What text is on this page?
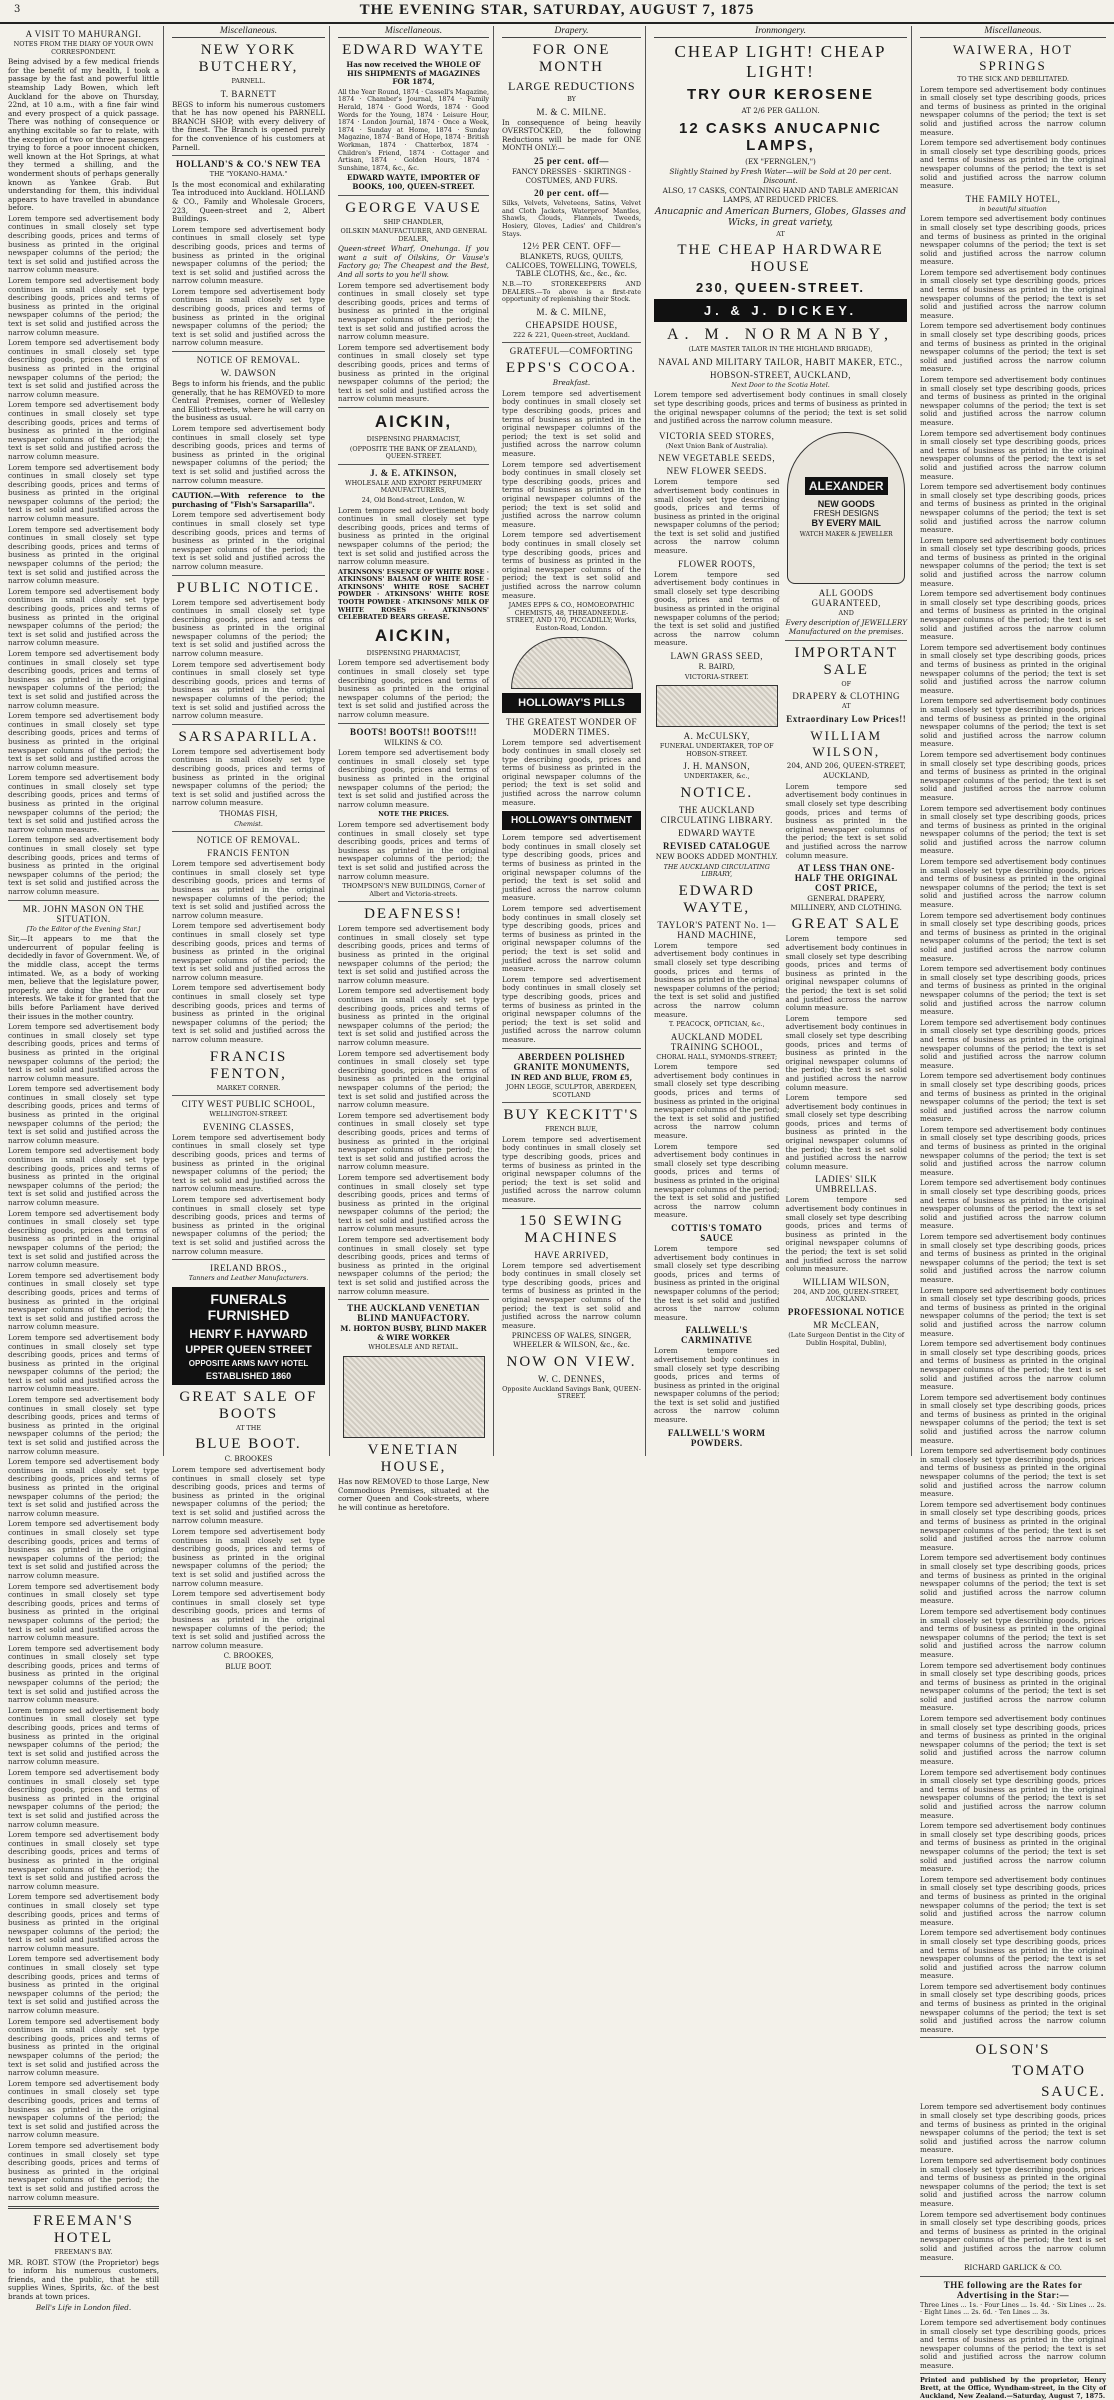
3	THE EVENING STAR, SATURDAY, AUGUST 7, 1875
A VISIT TO MAHURANGI.

NOTES FROM THE DIARY OF YOUR OWN CORRESPONDENT.

Being advised by a few medical friends for the benefit of my health, I took a passage by the fast and powerful little steamship Lady Bowen, which left Auckland for the above on Thursday, 22nd, at 10 a.m., with a fine fair wind and every prospect of a quick passage. There was nothing of consequence or anything excitable so far to relate, with the exception of two or three passengers trying to force a poor innocent chicken, well known at the Hot Springs, at what they termed a shilling, and the wonderment shouts of perhaps generally known as Yankee Grab. But understanding for them, this individual appears to have travelled in abundance before.

Lorem tempore sed advertisement body continues in small closely set type describing goods, prices and terms of business as printed in the original newspaper columns of the period; the text is set solid and justified across the narrow column measure.

Lorem tempore sed advertisement body continues in small closely set type describing goods, prices and terms of business as printed in the original newspaper columns of the period; the text is set solid and justified across the narrow column measure.

Lorem tempore sed advertisement body continues in small closely set type describing goods, prices and terms of business as printed in the original newspaper columns of the period; the text is set solid and justified across the narrow column measure.

Lorem tempore sed advertisement body continues in small closely set type describing goods, prices and terms of business as printed in the original newspaper columns of the period; the text is set solid and justified across the narrow column measure.

Lorem tempore sed advertisement body continues in small closely set type describing goods, prices and terms of business as printed in the original newspaper columns of the period; the text is set solid and justified across the narrow column measure.

Lorem tempore sed advertisement body continues in small closely set type describing goods, prices and terms of business as printed in the original newspaper columns of the period; the text is set solid and justified across the narrow column measure.

Lorem tempore sed advertisement body continues in small closely set type describing goods, prices and terms of business as printed in the original newspaper columns of the period; the text is set solid and justified across the narrow column measure.

Lorem tempore sed advertisement body continues in small closely set type describing goods, prices and terms of business as printed in the original newspaper columns of the period; the text is set solid and justified across the narrow column measure.

Lorem tempore sed advertisement body continues in small closely set type describing goods, prices and terms of business as printed in the original newspaper columns of the period; the text is set solid and justified across the narrow column measure.

Lorem tempore sed advertisement body continues in small closely set type describing goods, prices and terms of business as printed in the original newspaper columns of the period; the text is set solid and justified across the narrow column measure.

Lorem tempore sed advertisement body continues in small closely set type describing goods, prices and terms of business as printed in the original newspaper columns of the period; the text is set solid and justified across the narrow column measure.

MR. JOHN MASON ON THE SITUATION.

[To the Editor of the Evening Star.]

Sir,—It appears to me that the undercurrent of popular feeling is decidedly in favor of Government. We, of the middle class, accept the terms intimated. We, as a body of working men, believe that the legislature power, properly, are doing the best for our interests. We take it for granted that the bills before Parliament have derived their issues in the mother country.

Lorem tempore sed advertisement body continues in small closely set type describing goods, prices and terms of business as printed in the original newspaper columns of the period; the text is set solid and justified across the narrow column measure.

Lorem tempore sed advertisement body continues in small closely set type describing goods, prices and terms of business as printed in the original newspaper columns of the period; the text is set solid and justified across the narrow column measure.

Lorem tempore sed advertisement body continues in small closely set type describing goods, prices and terms of business as printed in the original newspaper columns of the period; the text is set solid and justified across the narrow column measure.

Lorem tempore sed advertisement body continues in small closely set type describing goods, prices and terms of business as printed in the original newspaper columns of the period; the text is set solid and justified across the narrow column measure.

Lorem tempore sed advertisement body continues in small closely set type describing goods, prices and terms of business as printed in the original newspaper columns of the period; the text is set solid and justified across the narrow column measure.

Lorem tempore sed advertisement body continues in small closely set type describing goods, prices and terms of business as printed in the original newspaper columns of the period; the text is set solid and justified across the narrow column measure.

Lorem tempore sed advertisement body continues in small closely set type describing goods, prices and terms of business as printed in the original newspaper columns of the period; the text is set solid and justified across the narrow column measure.

Lorem tempore sed advertisement body continues in small closely set type describing goods, prices and terms of business as printed in the original newspaper columns of the period; the text is set solid and justified across the narrow column measure.

Lorem tempore sed advertisement body continues in small closely set type describing goods, prices and terms of business as printed in the original newspaper columns of the period; the text is set solid and justified across the narrow column measure.

Lorem tempore sed advertisement body continues in small closely set type describing goods, prices and terms of business as printed in the original newspaper columns of the period; the text is set solid and justified across the narrow column measure.

Lorem tempore sed advertisement body continues in small closely set type describing goods, prices and terms of business as printed in the original newspaper columns of the period; the text is set solid and justified across the narrow column measure.

Lorem tempore sed advertisement body continues in small closely set type describing goods, prices and terms of business as printed in the original newspaper columns of the period; the text is set solid and justified across the narrow column measure.

Lorem tempore sed advertisement body continues in small closely set type describing goods, prices and terms of business as printed in the original newspaper columns of the period; the text is set solid and justified across the narrow column measure.

Lorem tempore sed advertisement body continues in small closely set type describing goods, prices and terms of business as printed in the original newspaper columns of the period; the text is set solid and justified across the narrow column measure.

Lorem tempore sed advertisement body continues in small closely set type describing goods, prices and terms of business as printed in the original newspaper columns of the period; the text is set solid and justified across the narrow column measure.

Lorem tempore sed advertisement body continues in small closely set type describing goods, prices and terms of business as printed in the original newspaper columns of the period; the text is set solid and justified across the narrow column measure.

Lorem tempore sed advertisement body continues in small closely set type describing goods, prices and terms of business as printed in the original newspaper columns of the period; the text is set solid and justified across the narrow column measure.

Lorem tempore sed advertisement body continues in small closely set type describing goods, prices and terms of business as printed in the original newspaper columns of the period; the text is set solid and justified across the narrow column measure.

Lorem tempore sed advertisement body continues in small closely set type describing goods, prices and terms of business as printed in the original newspaper columns of the period; the text is set solid and justified across the narrow column measure.

FREEMAN'S HOTEL

FREEMAN'S BAY.

MR. ROBT. STOW (the Proprietor) begs to inform his numerous customers, friends, and the public, that he still supplies Wines, Spirits, &c. of the best brands at town prices.

Bell's Life in London filed.

Miscellaneous.
NEW YORK BUTCHERY,

PARNELL.

T. BARNETT

BEGS to inform his numerous customers that he has now opened his PARNELL BRANCH SHOP, with every delivery of the finest. The Branch is opened purely for the convenience of his customers at Parnell.

HOLLAND'S & CO.'S NEW TEA

THE "YOKANO-HAMA."

Is the most economical and exhilarating Tea introduced into Auckland. HOLLAND & CO., Family and Wholesale Grocers, 223, Queen-street and 2, Albert Buildings.

Lorem tempore sed advertisement body continues in small closely set type describing goods, prices and terms of business as printed in the original newspaper columns of the period; the text is set solid and justified across the narrow column measure.

Lorem tempore sed advertisement body continues in small closely set type describing goods, prices and terms of business as printed in the original newspaper columns of the period; the text is set solid and justified across the narrow column measure.

NOTICE OF REMOVAL.
W. DAWSON

Begs to inform his friends, and the public generally, that he has REMOVED to more Central Premises, corner of Wellesley and Elliott-streets, where he will carry on the business as usual.

Lorem tempore sed advertisement body continues in small closely set type describing goods, prices and terms of business as printed in the original newspaper columns of the period; the text is set solid and justified across the narrow column measure.

CAUTION.—With reference to the purchasing of "Fish's Sarsaparilla".

Lorem tempore sed advertisement body continues in small closely set type describing goods, prices and terms of business as printed in the original newspaper columns of the period; the text is set solid and justified across the narrow column measure.

PUBLIC NOTICE.

Lorem tempore sed advertisement body continues in small closely set type describing goods, prices and terms of business as printed in the original newspaper columns of the period; the text is set solid and justified across the narrow column measure.

Lorem tempore sed advertisement body continues in small closely set type describing goods, prices and terms of business as printed in the original newspaper columns of the period; the text is set solid and justified across the narrow column measure.

SARSAPARILLA.

Lorem tempore sed advertisement body continues in small closely set type describing goods, prices and terms of business as printed in the original newspaper columns of the period; the text is set solid and justified across the narrow column measure.

THOMAS FISH,

Chemist.

NOTICE OF REMOVAL.
FRANCIS FENTON

Lorem tempore sed advertisement body continues in small closely set type describing goods, prices and terms of business as printed in the original newspaper columns of the period; the text is set solid and justified across the narrow column measure.

Lorem tempore sed advertisement body continues in small closely set type describing goods, prices and terms of business as printed in the original newspaper columns of the period; the text is set solid and justified across the narrow column measure.

Lorem tempore sed advertisement body continues in small closely set type describing goods, prices and terms of business as printed in the original newspaper columns of the period; the text is set solid and justified across the narrow column measure.

FRANCIS FENTON,

MARKET CORNER.

CITY WEST PUBLIC SCHOOL,

WELLINGTON-STREET.

EVENING CLASSES,

Lorem tempore sed advertisement body continues in small closely set type describing goods, prices and terms of business as printed in the original newspaper columns of the period; the text is set solid and justified across the narrow column measure.

Lorem tempore sed advertisement body continues in small closely set type describing goods, prices and terms of business as printed in the original newspaper columns of the period; the text is set solid and justified across the narrow column measure.

IRELAND BROS.,

Tanners and Leather Manufacturers.

FUNERALS FURNISHED
HENRY F. HAYWARD
UPPER QUEEN STREET
OPPOSITE ARMS NAVY HOTEL
ESTABLISHED 1860
GREAT SALE OF BOOTS

AT THE

BLUE BOOT.

C. BROOKES

Lorem tempore sed advertisement body continues in small closely set type describing goods, prices and terms of business as printed in the original newspaper columns of the period; the text is set solid and justified across the narrow column measure.

Lorem tempore sed advertisement body continues in small closely set type describing goods, prices and terms of business as printed in the original newspaper columns of the period; the text is set solid and justified across the narrow column measure.

Lorem tempore sed advertisement body continues in small closely set type describing goods, prices and terms of business as printed in the original newspaper columns of the period; the text is set solid and justified across the narrow column measure.

C. BROOKES,

BLUE BOOT.

Miscellaneous.
EDWARD WAYTE

Has now received the WHOLE OF HIS SHIPMENTS of MAGAZINES FOR 1874,

All the Year Round, 1874 · Cassell's Magazine, 1874 · Chamber's Journal, 1874 · Family Herald, 1874 · Good Words, 1874 · Good Words for the Young, 1874 · Leisure Hour, 1874 · London Journal, 1874 · Once a Week, 1874 · Sunday at Home, 1874 · Sunday Magazine, 1874 · Band of Hope, 1874 · British Workman, 1874 · Chatterbox, 1874 · Children's Friend, 1874 · Cottager and Artisan, 1874 · Golden Hours, 1874 · Sunshine, 1874, &c., &c.

EDWARD WAYTE, IMPORTER OF BOOKS, 100, QUEEN-STREET.

GEORGE VAUSE

SHIP CHANDLER,

OILSKIN MANUFACTURER, AND GENERAL DEALER,

Queen-street Wharf, Onehunga. If you want a suit of Oilskins, Or Vause's Factory go; The Cheapest and the Best, And all sorts to you he'll show.

Lorem tempore sed advertisement body continues in small closely set type describing goods, prices and terms of business as printed in the original newspaper columns of the period; the text is set solid and justified across the narrow column measure.

Lorem tempore sed advertisement body continues in small closely set type describing goods, prices and terms of business as printed in the original newspaper columns of the period; the text is set solid and justified across the narrow column measure.

AICKIN,

DISPENSING PHARMACIST,

(OPPOSITE THE BANK OF ZEALAND), QUEEN-STREET.

J. & E. ATKINSON,

WHOLESALE AND EXPORT PERFUMERY MANUFACTURERS,

24, Old Bond-street, London, W.

Lorem tempore sed advertisement body continues in small closely set type describing goods, prices and terms of business as printed in the original newspaper columns of the period; the text is set solid and justified across the narrow column measure.

ATKINSONS' ESSENCE OF WHITE ROSE · ATKINSONS' BALSAM OF WHITE ROSE · ATKINSONS' WHITE ROSE SACHET POWDER · ATKINSONS' WHITE ROSE TOOTH POWDER · ATKINSONS' MILK OF WHITE ROSES · ATKINSONS' CELEBRATED BEARS GREASE.

AICKIN,

DISPENSING PHARMACIST,

Lorem tempore sed advertisement body continues in small closely set type describing goods, prices and terms of business as printed in the original newspaper columns of the period; the text is set solid and justified across the narrow column measure.

BOOTS! BOOTS!! BOOTS!!!

WILKINS & CO.

Lorem tempore sed advertisement body continues in small closely set type describing goods, prices and terms of business as printed in the original newspaper columns of the period; the text is set solid and justified across the narrow column measure.

NOTE THE PRICES.

Lorem tempore sed advertisement body continues in small closely set type describing goods, prices and terms of business as printed in the original newspaper columns of the period; the text is set solid and justified across the narrow column measure.

THOMPSON'S NEW BUILDINGS, Corner of Albert and Victoria-streets.

DEAFNESS!

Lorem tempore sed advertisement body continues in small closely set type describing goods, prices and terms of business as printed in the original newspaper columns of the period; the text is set solid and justified across the narrow column measure.

Lorem tempore sed advertisement body continues in small closely set type describing goods, prices and terms of business as printed in the original newspaper columns of the period; the text is set solid and justified across the narrow column measure.

Lorem tempore sed advertisement body continues in small closely set type describing goods, prices and terms of business as printed in the original newspaper columns of the period; the text is set solid and justified across the narrow column measure.

Lorem tempore sed advertisement body continues in small closely set type describing goods, prices and terms of business as printed in the original newspaper columns of the period; the text is set solid and justified across the narrow column measure.

Lorem tempore sed advertisement body continues in small closely set type describing goods, prices and terms of business as printed in the original newspaper columns of the period; the text is set solid and justified across the narrow column measure.

Lorem tempore sed advertisement body continues in small closely set type describing goods, prices and terms of business as printed in the original newspaper columns of the period; the text is set solid and justified across the narrow column measure.

THE AUCKLAND VENETIAN BLIND MANUFACTORY.

M. HORTON BUSBY, BLIND MAKER & WIRE WORKER

WHOLESALE AND RETAIL.

VENETIAN HOUSE,

Has now REMOVED to those Large, New Commodious Premises, situated at the corner Queen and Cook-streets, where he will continue as heretofore.

Drapery.
FOR ONE MONTH
LARGE REDUCTIONS

BY

M. & C. MILNE.

In consequence of being heavily OVERSTOCKED, the following Reductions will be made for ONE MONTH ONLY:—

25 per cent. off—

FANCY DRESSES · SKIRTINGS · COSTUMES, AND FURS.

20 per cent. off—

Silks, Velvets, Velveteens, Satins, Velvet and Cloth Jackets, Waterproof Mantles, Shawls, Clouds, Flannels, Tweeds, Hosiery, Gloves, Ladies' and Children's Stays.

12½ PER CENT. OFF—

BLANKETS, RUGS, QUILTS, CALICOES, TOWELLING, TOWELS, TABLE CLOTHS, &c., &c., &c.

N.B.—TO STOREKEEPERS AND DEALERS.—To above is a first-rate opportunity of replenishing their Stock.

M. & C. MILNE,
CHEAPSIDE HOUSE,

222 & 221, Queen-street, Auckland.

GRATEFUL—COMFORTING
EPPS'S COCOA.

Breakfast.

Lorem tempore sed advertisement body continues in small closely set type describing goods, prices and terms of business as printed in the original newspaper columns of the period; the text is set solid and justified across the narrow column measure.

Lorem tempore sed advertisement body continues in small closely set type describing goods, prices and terms of business as printed in the original newspaper columns of the period; the text is set solid and justified across the narrow column measure.

Lorem tempore sed advertisement body continues in small closely set type describing goods, prices and terms of business as printed in the original newspaper columns of the period; the text is set solid and justified across the narrow column measure.

JAMES EPPS & CO., HOMOEOPATHIC CHEMISTS, 48, THREADNEEDLE-STREET, AND 170, PICCADILLY; Works, Euston-Road, London.

HOLLOWAY'S PILLS
THE GREATEST WONDER OF MODERN TIMES.

Lorem tempore sed advertisement body continues in small closely set type describing goods, prices and terms of business as printed in the original newspaper columns of the period; the text is set solid and justified across the narrow column measure.

HOLLOWAY'S OINTMENT

Lorem tempore sed advertisement body continues in small closely set type describing goods, prices and terms of business as printed in the original newspaper columns of the period; the text is set solid and justified across the narrow column measure.

Lorem tempore sed advertisement body continues in small closely set type describing goods, prices and terms of business as printed in the original newspaper columns of the period; the text is set solid and justified across the narrow column measure.

Lorem tempore sed advertisement body continues in small closely set type describing goods, prices and terms of business as printed in the original newspaper columns of the period; the text is set solid and justified across the narrow column measure.

ABERDEEN POLISHED GRANITE MONUMENTS,

IN RED AND BLUE, FROM £5,

JOHN LEGGE, SCULPTOR, ABERDEEN, SCOTLAND

BUY KECKITT'S

FRENCH BLUE,

Lorem tempore sed advertisement body continues in small closely set type describing goods, prices and terms of business as printed in the original newspaper columns of the period; the text is set solid and justified across the narrow column measure.

150 SEWING MACHINES
HAVE ARRIVED,

Lorem tempore sed advertisement body continues in small closely set type describing goods, prices and terms of business as printed in the original newspaper columns of the period; the text is set solid and justified across the narrow column measure.

PRINCESS OF WALES, SINGER, WHEELER & WILSON, &c., &c.

NOW ON VIEW.
W. C. DENNES,

Opposite Auckland Savings Bank, QUEEN-STREET.

Ironmongery.
CHEAP LIGHT! CHEAP LIGHT!
TRY OUR KEROSENE

AT 2/6 PER GALLON.

12 CASKS ANUCAPNIC LAMPS,

(EX "FERNGLEN,")

Slightly Stained by Fresh Water—will be Sold at 20 per cent. Discount.

ALSO, 17 CASKS, CONTAINING HAND AND TABLE AMERICAN LAMPS, AT REDUCED PRICES.

Anucapnic and American Burners, Globes, Glasses and Wicks, in great variety,

AT

THE CHEAP HARDWARE HOUSE
230, QUEEN-STREET.
J. & J. DICKEY.
A. M. NORMANBY,

(LATE MASTER TAILOR IN THE HIGHLAND BRIGADE),

NAVAL AND MILITARY TAILOR, HABIT MAKER, ETC.,
HOBSON-STREET, AUCKLAND,

Next Door to the Scotia Hotel.

Lorem tempore sed advertisement body continues in small closely set type describing goods, prices and terms of business as printed in the original newspaper columns of the period; the text is set solid and justified across the narrow column measure.

VICTORIA SEED STORES,

(Next Union Bank of Australia).

NEW VEGETABLE SEEDS,
NEW FLOWER SEEDS.

Lorem tempore sed advertisement body continues in small closely set type describing goods, prices and terms of business as printed in the original newspaper columns of the period; the text is set solid and justified across the narrow column measure.

FLOWER ROOTS,

Lorem tempore sed advertisement body continues in small closely set type describing goods, prices and terms of business as printed in the original newspaper columns of the period; the text is set solid and justified across the narrow column measure.

LAWN GRASS SEED,

R. BAIRD,

VICTORIA-STREET.

A. McCULSKY,

FUNERAL UNDERTAKER, TOP OF HOBSON-STREET.

J. H. MANSON,

UNDERTAKER, &c.,

NOTICE.
THE AUCKLAND CIRCULATING LIBRARY.
EDWARD WAYTE
REVISED CATALOGUE

NEW BOOKS ADDED MONTHLY.

THE AUCKLAND CIRCULATING LIBRARY,

EDWARD WAYTE,
TAYLOR'S PATENT No. 1—HAND MACHINE,

Lorem tempore sed advertisement body continues in small closely set type describing goods, prices and terms of business as printed in the original newspaper columns of the period; the text is set solid and justified across the narrow column measure.

T. PEACOCK, OPTICIAN, &c.,

AUCKLAND MODEL TRAINING SCHOOL,

CHORAL HALL, SYMONDS-STREET;

Lorem tempore sed advertisement body continues in small closely set type describing goods, prices and terms of business as printed in the original newspaper columns of the period; the text is set solid and justified across the narrow column measure.

Lorem tempore sed advertisement body continues in small closely set type describing goods, prices and terms of business as printed in the original newspaper columns of the period; the text is set solid and justified across the narrow column measure.

COTTIS'S TOMATO SAUCE

Lorem tempore sed advertisement body continues in small closely set type describing goods, prices and terms of business as printed in the original newspaper columns of the period; the text is set solid and justified across the narrow column measure.

FALLWELL'S CARMINATIVE

Lorem tempore sed advertisement body continues in small closely set type describing goods, prices and terms of business as printed in the original newspaper columns of the period; the text is set solid and justified across the narrow column measure.

FALLWELL'S WORM POWDERS.
ALEXANDER
NEW GOODS
FRESH DESIGNS
BY EVERY MAIL
WATCH MAKER & JEWELLER
ALL GOODS GUARANTEED,

AND

Every description of JEWELLERY Manufactured on the premises.

IMPORTANT SALE

OF

DRAPERY & CLOTHING

AT

Extraordinary Low Prices!!
WILLIAM WILSON,

204, AND 206, QUEEN-STREET,

AUCKLAND,

Lorem tempore sed advertisement body continues in small closely set type describing goods, prices and terms of business as printed in the original newspaper columns of the period; the text is set solid and justified across the narrow column measure.

AT LESS THAN ONE-HALF THE ORIGINAL COST PRICE,

GENERAL DRAPERY, MILLINERY, AND CLOTHING.

GREAT SALE

Lorem tempore sed advertisement body continues in small closely set type describing goods, prices and terms of business as printed in the original newspaper columns of the period; the text is set solid and justified across the narrow column measure.

Lorem tempore sed advertisement body continues in small closely set type describing goods, prices and terms of business as printed in the original newspaper columns of the period; the text is set solid and justified across the narrow column measure.

Lorem tempore sed advertisement body continues in small closely set type describing goods, prices and terms of business as printed in the original newspaper columns of the period; the text is set solid and justified across the narrow column measure.

LADIES' SILK UMBRELLAS.

Lorem tempore sed advertisement body continues in small closely set type describing goods, prices and terms of business as printed in the original newspaper columns of the period; the text is set solid and justified across the narrow column measure.

WILLIAM WILSON,

204, AND 206, QUEEN-STREET, AUCKLAND.

PROFESSIONAL NOTICE
MR McCLEAN,

(Late Surgeon Dentist in the City of Dublin Hospital, Dublin),

Miscellaneous.
WAIWERA, HOT SPRINGS

TO THE SICK AND DEBILITATED.

Lorem tempore sed advertisement body continues in small closely set type describing goods, prices and terms of business as printed in the original newspaper columns of the period; the text is set solid and justified across the narrow column measure.

Lorem tempore sed advertisement body continues in small closely set type describing goods, prices and terms of business as printed in the original newspaper columns of the period; the text is set solid and justified across the narrow column measure.

THE FAMILY HOTEL,

in beautiful situation

Lorem tempore sed advertisement body continues in small closely set type describing goods, prices and terms of business as printed in the original newspaper columns of the period; the text is set solid and justified across the narrow column measure.

Lorem tempore sed advertisement body continues in small closely set type describing goods, prices and terms of business as printed in the original newspaper columns of the period; the text is set solid and justified across the narrow column measure.

Lorem tempore sed advertisement body continues in small closely set type describing goods, prices and terms of business as printed in the original newspaper columns of the period; the text is set solid and justified across the narrow column measure.

Lorem tempore sed advertisement body continues in small closely set type describing goods, prices and terms of business as printed in the original newspaper columns of the period; the text is set solid and justified across the narrow column measure.

Lorem tempore sed advertisement body continues in small closely set type describing goods, prices and terms of business as printed in the original newspaper columns of the period; the text is set solid and justified across the narrow column measure.

Lorem tempore sed advertisement body continues in small closely set type describing goods, prices and terms of business as printed in the original newspaper columns of the period; the text is set solid and justified across the narrow column measure.

Lorem tempore sed advertisement body continues in small closely set type describing goods, prices and terms of business as printed in the original newspaper columns of the period; the text is set solid and justified across the narrow column measure.

Lorem tempore sed advertisement body continues in small closely set type describing goods, prices and terms of business as printed in the original newspaper columns of the period; the text is set solid and justified across the narrow column measure.

Lorem tempore sed advertisement body continues in small closely set type describing goods, prices and terms of business as printed in the original newspaper columns of the period; the text is set solid and justified across the narrow column measure.

Lorem tempore sed advertisement body continues in small closely set type describing goods, prices and terms of business as printed in the original newspaper columns of the period; the text is set solid and justified across the narrow column measure.

Lorem tempore sed advertisement body continues in small closely set type describing goods, prices and terms of business as printed in the original newspaper columns of the period; the text is set solid and justified across the narrow column measure.

Lorem tempore sed advertisement body continues in small closely set type describing goods, prices and terms of business as printed in the original newspaper columns of the period; the text is set solid and justified across the narrow column measure.

Lorem tempore sed advertisement body continues in small closely set type describing goods, prices and terms of business as printed in the original newspaper columns of the period; the text is set solid and justified across the narrow column measure.

Lorem tempore sed advertisement body continues in small closely set type describing goods, prices and terms of business as printed in the original newspaper columns of the period; the text is set solid and justified across the narrow column measure.

Lorem tempore sed advertisement body continues in small closely set type describing goods, prices and terms of business as printed in the original newspaper columns of the period; the text is set solid and justified across the narrow column measure.

Lorem tempore sed advertisement body continues in small closely set type describing goods, prices and terms of business as printed in the original newspaper columns of the period; the text is set solid and justified across the narrow column measure.

Lorem tempore sed advertisement body continues in small closely set type describing goods, prices and terms of business as printed in the original newspaper columns of the period; the text is set solid and justified across the narrow column measure.

Lorem tempore sed advertisement body continues in small closely set type describing goods, prices and terms of business as printed in the original newspaper columns of the period; the text is set solid and justified across the narrow column measure.

Lorem tempore sed advertisement body continues in small closely set type describing goods, prices and terms of business as printed in the original newspaper columns of the period; the text is set solid and justified across the narrow column measure.

Lorem tempore sed advertisement body continues in small closely set type describing goods, prices and terms of business as printed in the original newspaper columns of the period; the text is set solid and justified across the narrow column measure.

Lorem tempore sed advertisement body continues in small closely set type describing goods, prices and terms of business as printed in the original newspaper columns of the period; the text is set solid and justified across the narrow column measure.

Lorem tempore sed advertisement body continues in small closely set type describing goods, prices and terms of business as printed in the original newspaper columns of the period; the text is set solid and justified across the narrow column measure.

Lorem tempore sed advertisement body continues in small closely set type describing goods, prices and terms of business as printed in the original newspaper columns of the period; the text is set solid and justified across the narrow column measure.

Lorem tempore sed advertisement body continues in small closely set type describing goods, prices and terms of business as printed in the original newspaper columns of the period; the text is set solid and justified across the narrow column measure.

Lorem tempore sed advertisement body continues in small closely set type describing goods, prices and terms of business as printed in the original newspaper columns of the period; the text is set solid and justified across the narrow column measure.

Lorem tempore sed advertisement body continues in small closely set type describing goods, prices and terms of business as printed in the original newspaper columns of the period; the text is set solid and justified across the narrow column measure.

Lorem tempore sed advertisement body continues in small closely set type describing goods, prices and terms of business as printed in the original newspaper columns of the period; the text is set solid and justified across the narrow column measure.

Lorem tempore sed advertisement body continues in small closely set type describing goods, prices and terms of business as printed in the original newspaper columns of the period; the text is set solid and justified across the narrow column measure.

Lorem tempore sed advertisement body continues in small closely set type describing goods, prices and terms of business as printed in the original newspaper columns of the period; the text is set solid and justified across the narrow column measure.

Lorem tempore sed advertisement body continues in small closely set type describing goods, prices and terms of business as printed in the original newspaper columns of the period; the text is set solid and justified across the narrow column measure.

Lorem tempore sed advertisement body continues in small closely set type describing goods, prices and terms of business as printed in the original newspaper columns of the period; the text is set solid and justified across the narrow column measure.

Lorem tempore sed advertisement body continues in small closely set type describing goods, prices and terms of business as printed in the original newspaper columns of the period; the text is set solid and justified across the narrow column measure.

Lorem tempore sed advertisement body continues in small closely set type describing goods, prices and terms of business as printed in the original newspaper columns of the period; the text is set solid and justified across the narrow column measure.

Lorem tempore sed advertisement body continues in small closely set type describing goods, prices and terms of business as printed in the original newspaper columns of the period; the text is set solid and justified across the narrow column measure.

OLSON'S
TOMATO
SAUCE.

Lorem tempore sed advertisement body continues in small closely set type describing goods, prices and terms of business as printed in the original newspaper columns of the period; the text is set solid and justified across the narrow column measure.

Lorem tempore sed advertisement body continues in small closely set type describing goods, prices and terms of business as printed in the original newspaper columns of the period; the text is set solid and justified across the narrow column measure.

Lorem tempore sed advertisement body continues in small closely set type describing goods, prices and terms of business as printed in the original newspaper columns of the period; the text is set solid and justified across the narrow column measure.

RICHARD GARLICK & CO.

THE following are the Rates for Advertising in the Star:—

Three Lines ... 1s. · Four Lines ... 1s. 4d. · Six Lines ... 2s. · Eight Lines ... 2s. 6d. · Ten Lines ... 3s.

Lorem tempore sed advertisement body continues in small closely set type describing goods, prices and terms of business as printed in the original newspaper columns of the period; the text is set solid and justified across the narrow column measure.

Printed and published by the proprietor, Henry Brett, at the Office, Wyndham-street, in the City of Auckland, New Zealand.—Saturday, August 7, 1875.
